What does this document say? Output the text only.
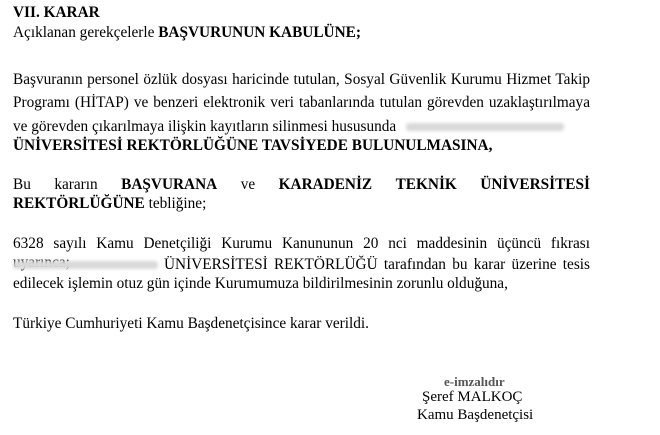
VII. KARAR
Açıklanan gerekçelerle BAŞVURUNUN KABULÜNE;
Başvuranın personel özlük dosyası haricinde tutulan, Sosyal Güvenlik Kurumu Hizmet Takip
Programı (HİTAP) ve benzeri elektronik veri tabanlarında tutulan görevden uzaklaştırılmaya
ve görevden çıkarılmaya ilişkin kayıtların silinmesi hususunda
ÜNİVERSİTESİ REKTÖRLÜĞÜNE TAVSİYEDE BULUNULMASINA,
Bu kararın BAŞVURANA ve KARADENİZ TEKNİK ÜNİVERSİTESİ
REKTÖRLÜĞÜNE tebliğine;
6328 sayılı Kamu Denetçiliği Kurumu Kanununun 20 nci maddesinin üçüncü fıkrası
ÜNİVERSİTESİ REKTÖRLÜĞÜ tarafından bu karar üzerine tesis
edilecek işlemin otuz gün içinde Kurumumuza bildirilmesinin zorunlu olduğuna,
Türkiye Cumhuriyeti Kamu Başdenetçisince karar verildi.
e-imzalıdır
Şeref MALKOÇ
Kamu Başdenetçisi
